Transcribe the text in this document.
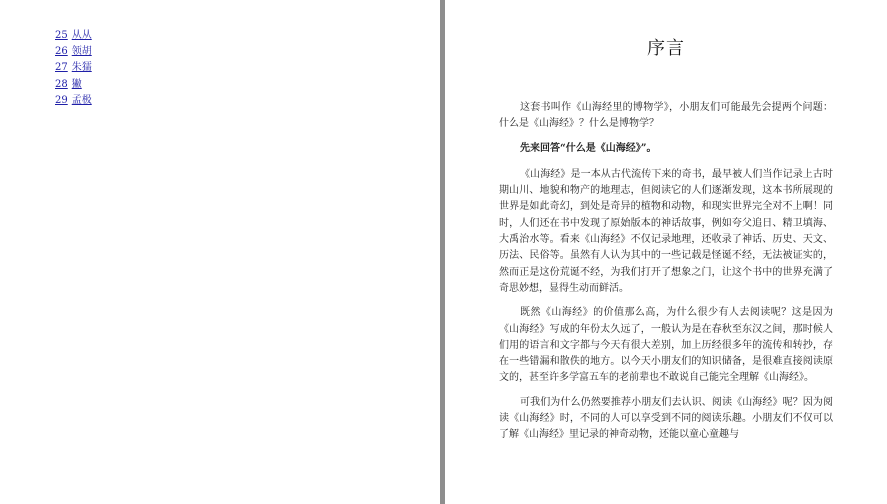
25 从从
26 领胡
27 朱獳
28 獙
29 孟极
序言

这套书叫作《山海经里的博物学》，小朋友们可能最先会提两个问题：什么是《山海经》？什么是博物学？

先来回答“什么是《山海经》”。

《山海经》是一本从古代流传下来的奇书，最早被人们当作记录上古时期山川、地貌和物产的地理志，但阅读它的人们逐渐发现，这本书所展现的世界是如此奇幻，到处是奇异的植物和动物，和现实世界完全对不上啊！同时，人们还在书中发现了原始版本的神话故事，例如夸父追日、精卫填海、大禹治水等。看来《山海经》不仅记录地理，还收录了神话、历史、天文、历法、民俗等。虽然有人认为其中的一些记载是怪诞不经，无法被证实的，然而正是这份荒诞不经，为我们打开了想象之门，让这个书中的世界充满了奇思妙想，显得生动而鲜活。

既然《山海经》的价值那么高，为什么很少有人去阅读呢？这是因为《山海经》写成的年份太久远了，一般认为是在春秋至东汉之间，那时候人们用的语言和文字都与今天有很大差别，加上历经很多年的流传和转抄，存在一些错漏和散佚的地方。以今天小朋友们的知识储备，是很难直接阅读原文的，甚至许多学富五车的老前辈也不敢说自己能完全理解《山海经》。

可我们为什么仍然要推荐小朋友们去认识、阅读《山海经》呢？因为阅读《山海经》时，不同的人可以享受到不同的阅读乐趣。小朋友们不仅可以了解《山海经》里记录的神奇动物，还能以童心童趣与
